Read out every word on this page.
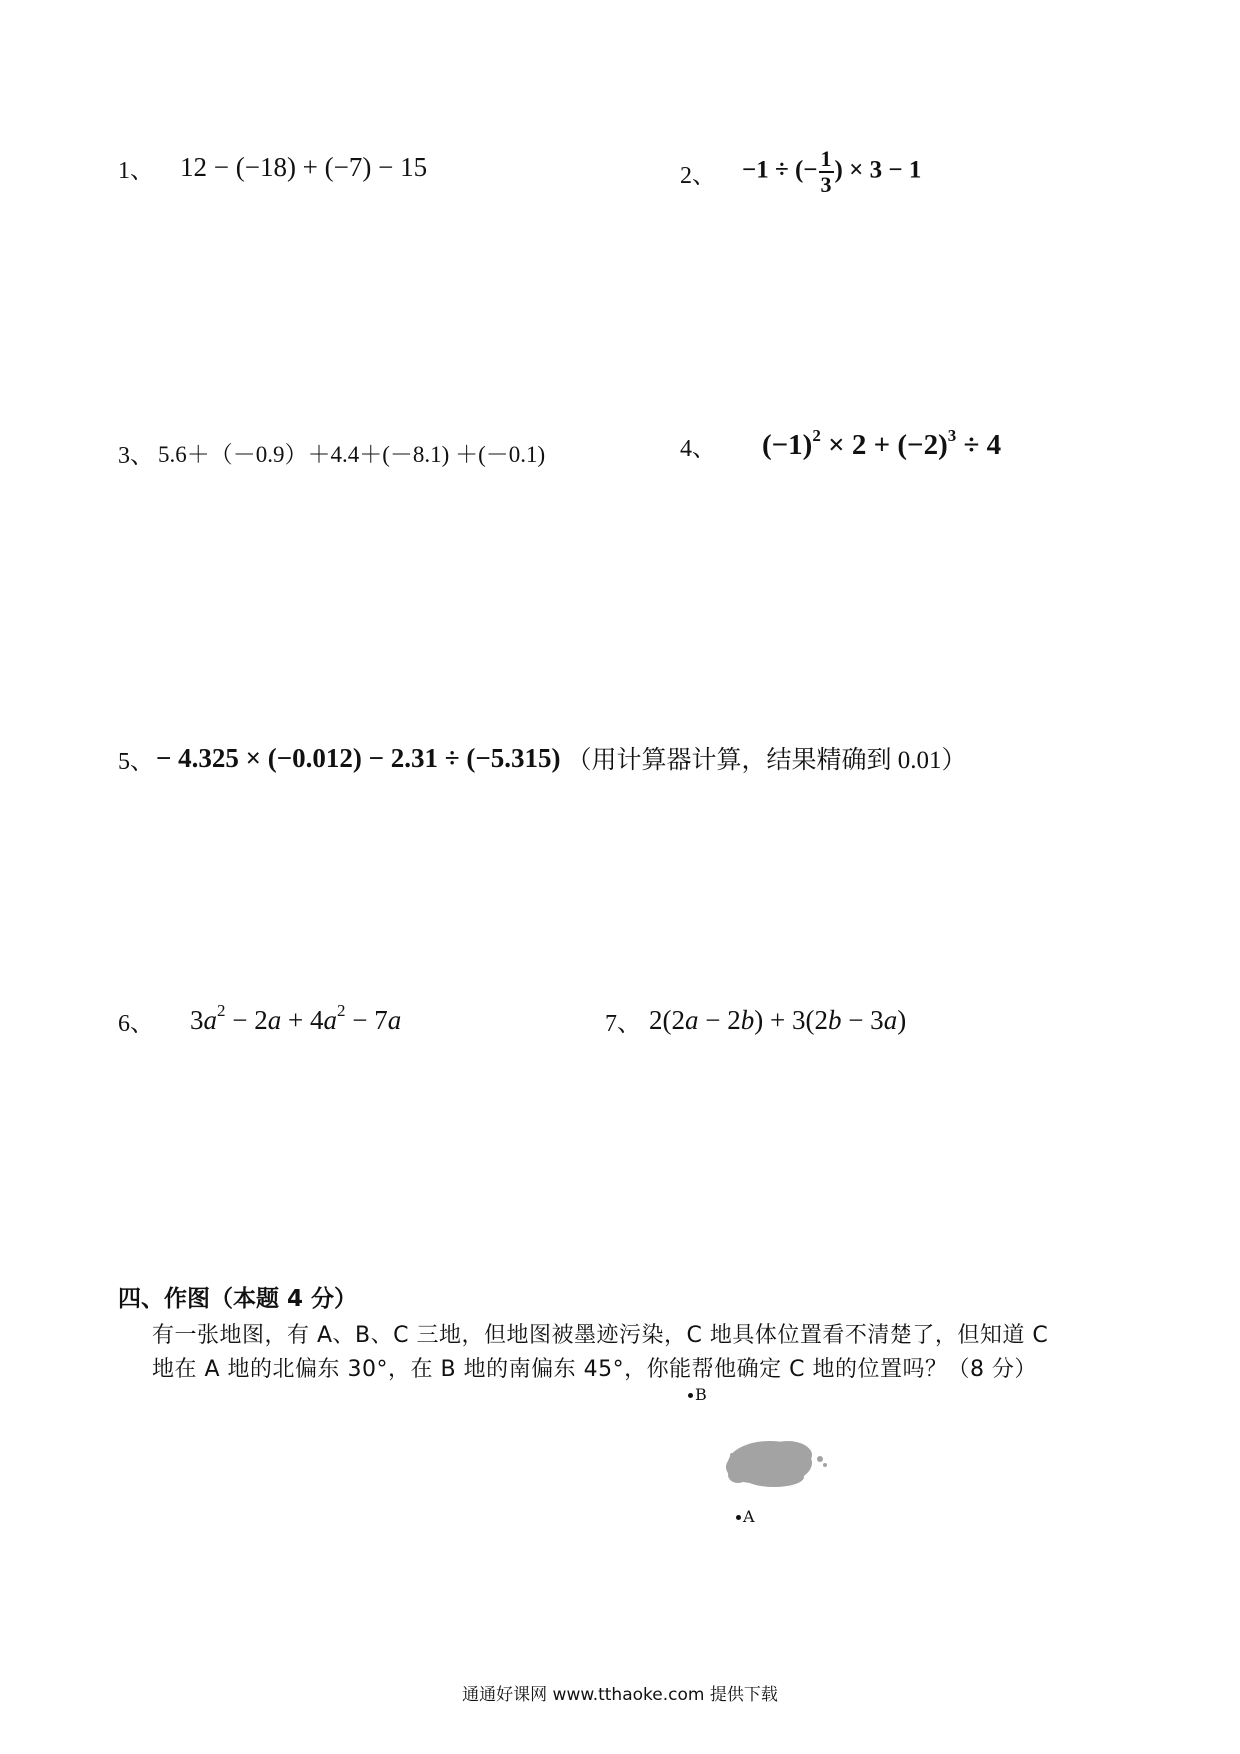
1、 12 − (−18) + (−7) − 15	2、 −1 ÷ (− $\frac{1}{3}$ ) × 3 − 1
3、 5.6＋（－0.9）＋4.4＋(－8.1) ＋(－0.1)	4、 $(-1)^2 \times 2 + (-2)^3 \div 4$
5、 − 4.325 × (−0.012) − 2.31 ÷ (−5.315) （用计算器计算，结果精确到 0.01）
6、 $3a^2 - 2a + 4a^2 - 7a$	7、 2(2a − 2b) + 3(2b − 3a)
四、作图（本题 4 分）
有一张地图，有 A、B、C 三地，但地图被墨迹污染，C 地具体位置看不清楚了，但知道 C
地在 A 地的北偏东 30°，在 B 地的南偏东 45°，你能帮他确定 C 地的位置吗？（8 分）
B
A
通通好课网 www.tthaoke.com 提供下载
